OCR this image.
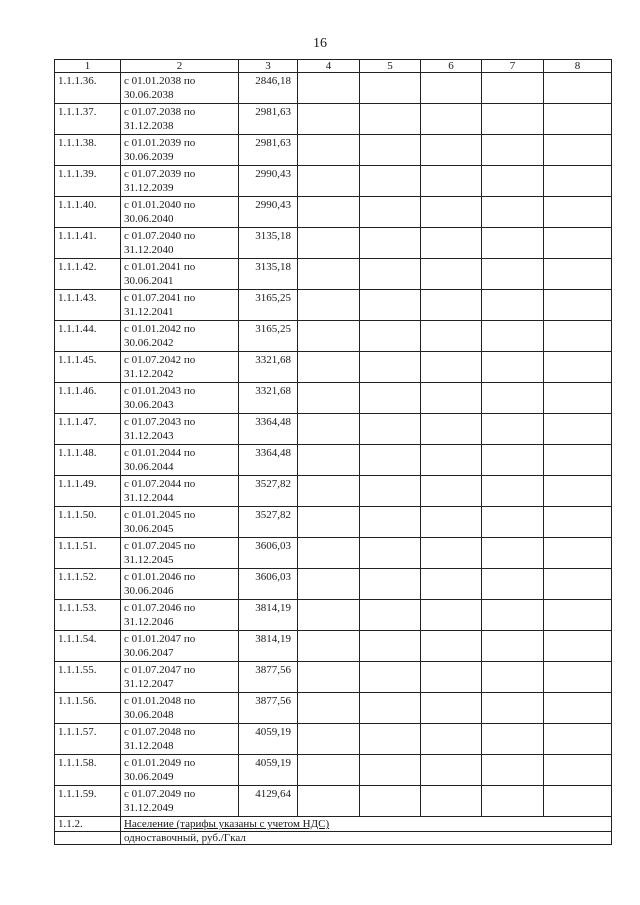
16
1	2	3	4	5	6	7	8
1.1.1.36.	с 01.01.2038 по
30.06.2038	2846,18					
1.1.1.37.	с 01.07.2038 по
31.12.2038	2981,63					
1.1.1.38.	с 01.01.2039 по
30.06.2039	2981,63					
1.1.1.39.	с 01.07.2039 по
31.12.2039	2990,43					
1.1.1.40.	с 01.01.2040 по
30.06.2040	2990,43					
1.1.1.41.	с 01.07.2040 по
31.12.2040	3135,18					
1.1.1.42.	с 01.01.2041 по
30.06.2041	3135,18					
1.1.1.43.	с 01.07.2041 по
31.12.2041	3165,25					
1.1.1.44.	с 01.01.2042 по
30.06.2042	3165,25					
1.1.1.45.	с 01.07.2042 по
31.12.2042	3321,68					
1.1.1.46.	с 01.01.2043 по
30.06.2043	3321,68					
1.1.1.47.	с 01.07.2043 по
31.12.2043	3364,48					
1.1.1.48.	с 01.01.2044 по
30.06.2044	3364,48					
1.1.1.49.	с 01.07.2044 по
31.12.2044	3527,82					
1.1.1.50.	с 01.01.2045 по
30.06.2045	3527,82					
1.1.1.51.	с 01.07.2045 по
31.12.2045	3606,03					
1.1.1.52.	с 01.01.2046 по
30.06.2046	3606,03					
1.1.1.53.	с 01.07.2046 по
31.12.2046	3814,19					
1.1.1.54.	с 01.01.2047 по
30.06.2047	3814,19					
1.1.1.55.	с 01.07.2047 по
31.12.2047	3877,56					
1.1.1.56.	с 01.01.2048 по
30.06.2048	3877,56					
1.1.1.57.	с 01.07.2048 по
31.12.2048	4059,19					
1.1.1.58.	с 01.01.2049 по
30.06.2049	4059,19					
1.1.1.59.	с 01.07.2049 по
31.12.2049	4129,64					
1.1.2.	Население (тарифы указаны с учетом НДС)						
	одноставочный, руб./Гкал						
